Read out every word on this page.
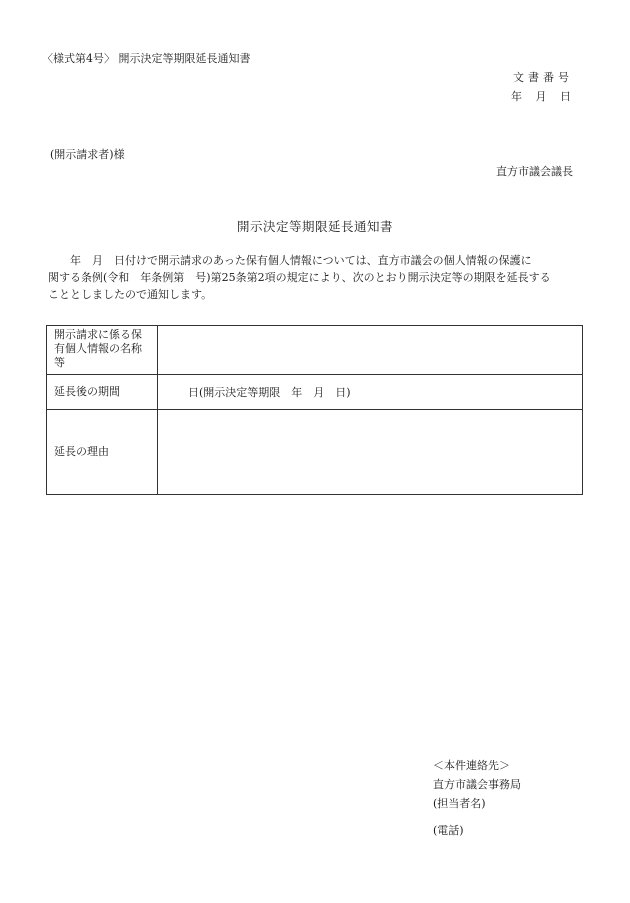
〈様式第4号〉 開示決定等期限延長通知書
文書番号
年 月 日
(開示請求者)様
直方市議会議長
開示決定等期限延長通知書
年　月　日付けで開示請求のあった保有個人情報については、直方市議会の個人情報の保護に
関する条例(令和　年条例第　号)第25条第2項の規定により、次のとおり開示決定等の期限を延長する
こととしましたので通知します。
開示請求に係る保有個人情報の名称等	
延長後の期間	日(開示決定等期限　年　月　日)
延長の理由	
＜本件連絡先＞
直方市議会事務局
(担当者名)
(電話)
